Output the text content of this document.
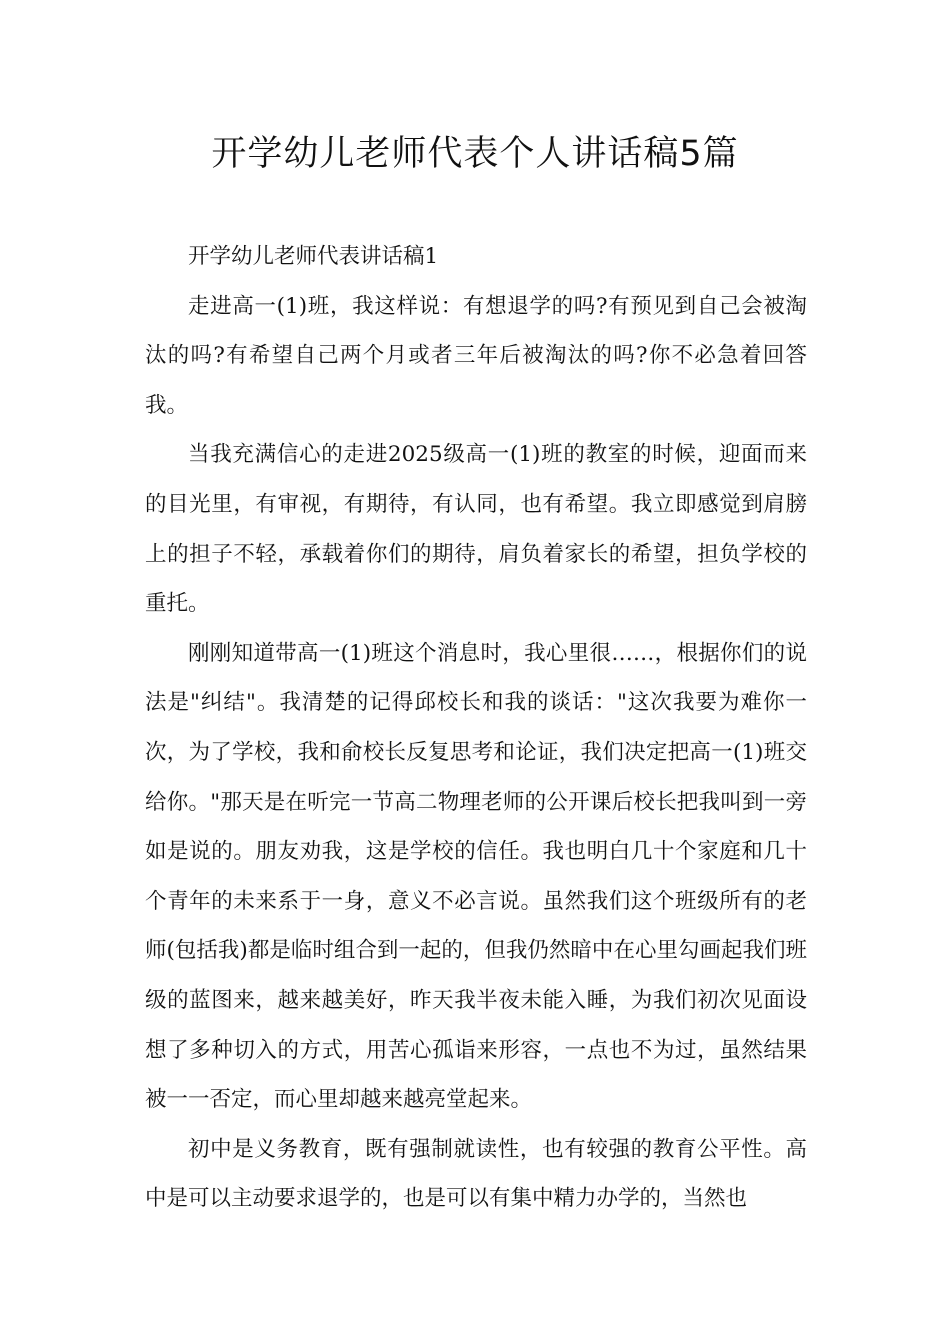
开学幼儿老师代表个人讲话稿5篇

开学幼儿老师代表讲话稿1

走进高一(1)班，我这样说：有想退学的吗?有预见到自己会被淘汰的吗?有希望自己两个月或者三年后被淘汰的吗?你不必急着回答我。

当我充满信心的走进2025级高一(1)班的教室的时候，迎面而来的目光里，有审视，有期待，有认同，也有希望。我立即感觉到肩膀上的担子不轻，承载着你们的期待，肩负着家长的希望，担负学校的重托。

刚刚知道带高一(1)班这个消息时，我心里很……，根据你们的说法是"纠结"。我清楚的记得邱校长和我的谈话："这次我要为难你一次，为了学校，我和俞校长反复思考和论证，我们决定把高一(1)班交给你。"那天是在听完一节高二物理老师的公开课后校长把我叫到一旁如是说的。朋友劝我，这是学校的信任。我也明白几十个家庭和几十个青年的未来系于一身，意义不必言说。虽然我们这个班级所有的老师(包括我)都是临时组合到一起的，但我仍然暗中在心里勾画起我们班级的蓝图来，越来越美好，昨天我半夜未能入睡，为我们初次见面设想了多种切入的方式，用苦心孤诣来形容，一点也不为过，虽然结果被一一否定，而心里却越来越亮堂起来。

初中是义务教育，既有强制就读性，也有较强的教育公平性。高中是可以主动要求退学的，也是可以有集中精力办学的，当然也
